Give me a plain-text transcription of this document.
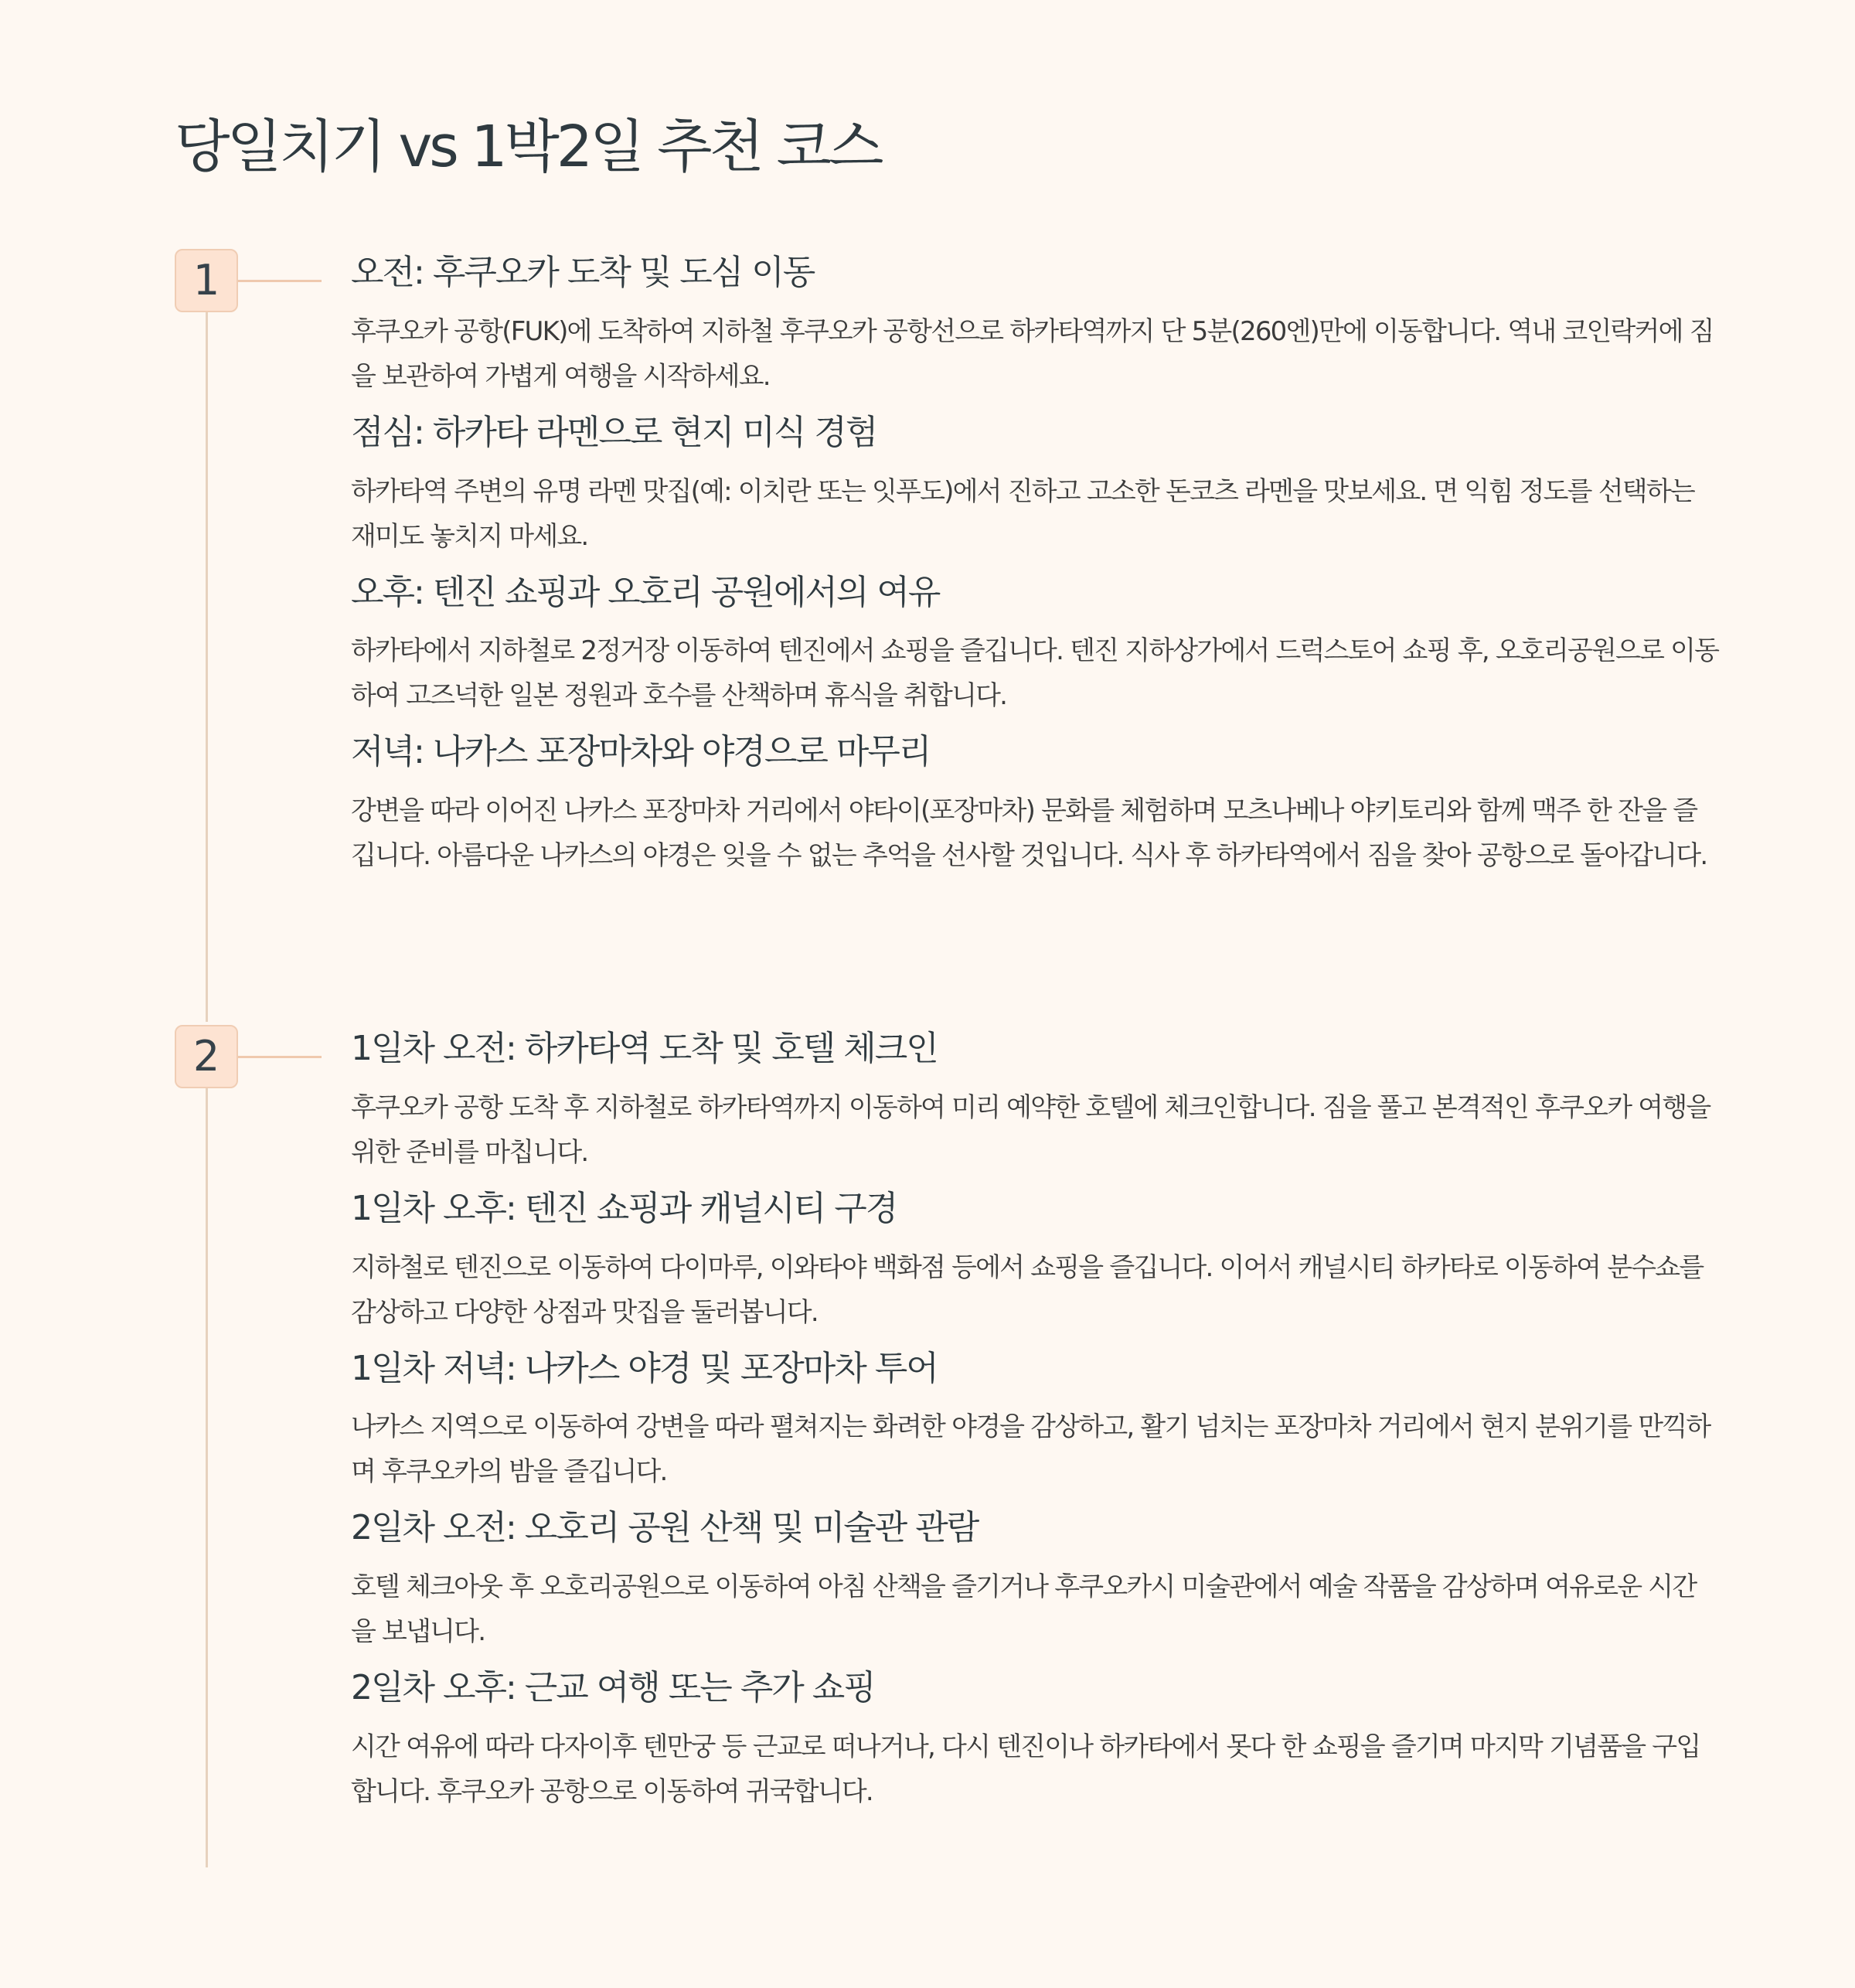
당일치기 vs 1박2일 추천 코스
1	오전: 후쿠오카 도착 및 도심 이동

후쿠오카 공항(FUK)에 도착하여 지하철 후쿠오카 공항선으로 하카타역까지 단 5분(260엔)만에 이동합니다. 역내 코인락커에 짐을 보관하여 가볍게 여행을 시작하세요.

점심: 하카타 라멘으로 현지 미식 경험

하카타역 주변의 유명 라멘 맛집(예: 이치란 또는 잇푸도)에서 진하고 고소한 돈코츠 라멘을 맛보세요. 면 익힘 정도를 선택하는 재미도 놓치지 마세요.

오후: 텐진 쇼핑과 오호리 공원에서의 여유

하카타에서 지하철로 2정거장 이동하여 텐진에서 쇼핑을 즐깁니다. 텐진 지하상가에서 드럭스토어 쇼핑 후, 오호리공원으로 이동하여 고즈넉한 일본 정원과 호수를 산책하며 휴식을 취합니다.

저녁: 나카스 포장마차와 야경으로 마무리

강변을 따라 이어진 나카스 포장마차 거리에서 야타이(포장마차) 문화를 체험하며 모츠나베나 야키토리와 함께 맥주 한 잔을 즐깁니다. 아름다운 나카스의 야경은 잊을 수 없는 추억을 선사할 것입니다. 식사 후 하카타역에서 짐을 찾아 공항으로 돌아갑니다.

2	1일차 오전: 하카타역 도착 및 호텔 체크인

후쿠오카 공항 도착 후 지하철로 하카타역까지 이동하여 미리 예약한 호텔에 체크인합니다. 짐을 풀고 본격적인 후쿠오카 여행을 위한 준비를 마칩니다.

1일차 오후: 텐진 쇼핑과 캐널시티 구경

지하철로 텐진으로 이동하여 다이마루, 이와타야 백화점 등에서 쇼핑을 즐깁니다. 이어서 캐널시티 하카타로 이동하여 분수쇼를 감상하고 다양한 상점과 맛집을 둘러봅니다.

1일차 저녁: 나카스 야경 및 포장마차 투어

나카스 지역으로 이동하여 강변을 따라 펼쳐지는 화려한 야경을 감상하고, 활기 넘치는 포장마차 거리에서 현지 분위기를 만끽하며 후쿠오카의 밤을 즐깁니다.

2일차 오전: 오호리 공원 산책 및 미술관 관람

호텔 체크아웃 후 오호리공원으로 이동하여 아침 산책을 즐기거나 후쿠오카시 미술관에서 예술 작품을 감상하며 여유로운 시간을 보냅니다.

2일차 오후: 근교 여행 또는 추가 쇼핑

시간 여유에 따라 다자이후 텐만궁 등 근교로 떠나거나, 다시 텐진이나 하카타에서 못다 한 쇼핑을 즐기며 마지막 기념품을 구입합니다. 후쿠오카 공항으로 이동하여 귀국합니다.
